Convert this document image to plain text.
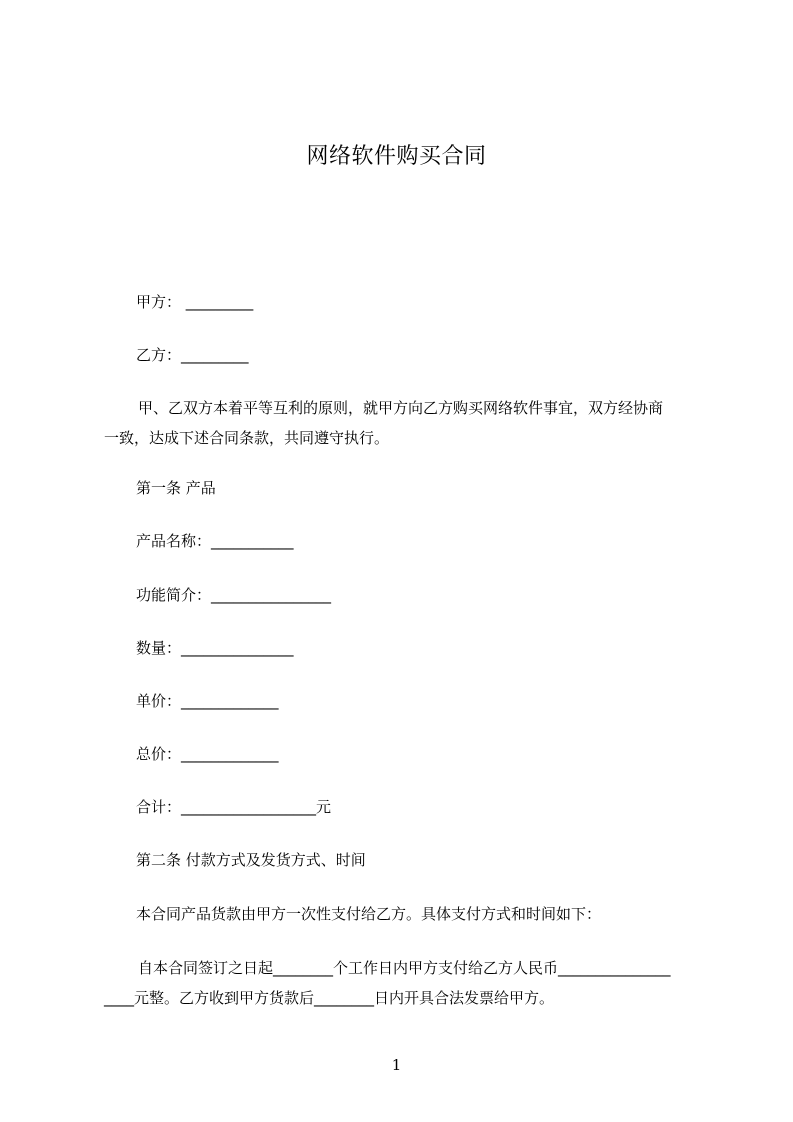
网络软件购买合同
甲方： _________
乙方：_________
甲、乙双方本着平等互利的原则，就甲方向乙方购买网络软件事宜，双方经协商
一致，达成下述合同条款，共同遵守执行。
第一条 产品
产品名称：___________
功能简介：________________
数量：_______________
单价：_____________
总价：_____________
合计：__________________元
第二条 付款方式及发货方式、时间
本合同产品货款由甲方一次性支付给乙方。具体支付方式和时间如下：
自本合同签订之日起________个工作日内甲方支付给乙方人民币_______________
____元整。乙方收到甲方货款后________日内开具合法发票给甲方。
1
